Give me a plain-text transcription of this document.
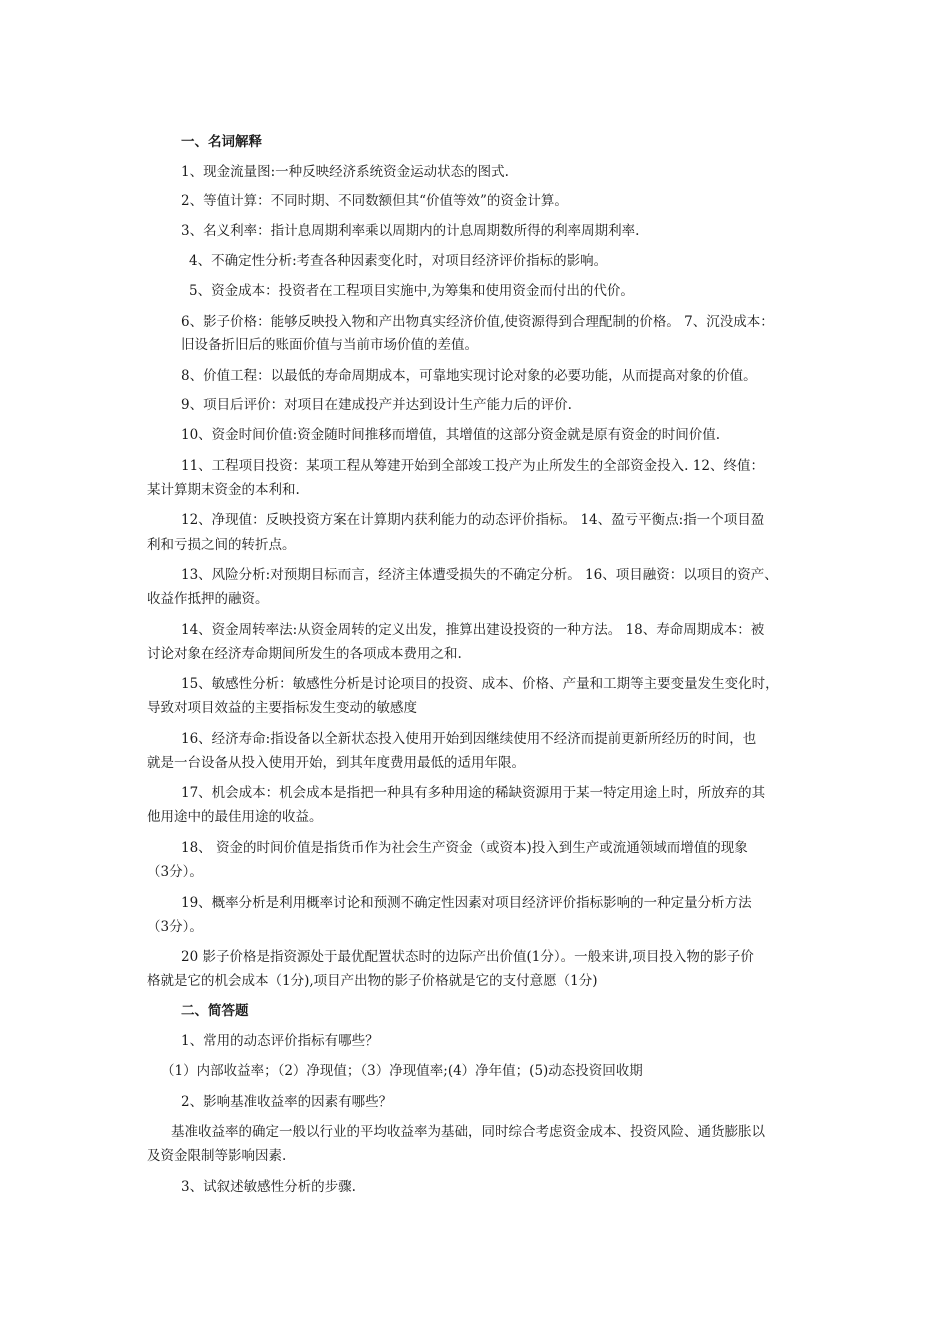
一、名词解释
1、现金流量图:一种反映经济系统资金运动状态的图式.
2、等值计算：不同时期、不同数额但其“价值等效”的资金计算。
3、名义利率：指计息周期利率乘以周期内的计息周期数所得的利率周期利率.
4、不确定性分析:考查各种因素变化时，对项目经济评价指标的影响。
5、资金成本：投资者在工程项目实施中,为筹集和使用资金而付出的代价。
6、影子价格：能够反映投入物和产出物真实经济价值,使资源得到合理配制的价格。 7、沉没成本：
旧设备折旧后的账面价值与当前市场价值的差值。
8、价值工程：以最低的寿命周期成本，可靠地实现讨论对象的必要功能，从而提高对象的价值。
9、项目后评价：对项目在建成投产并达到设计生产能力后的评价.
10、资金时间价值:资金随时间推移而增值，其增值的这部分资金就是原有资金的时间价值.
11、工程项目投资：某项工程从筹建开始到全部竣工投产为止所发生的全部资金投入. 12、终值：
某计算期末资金的本利和.
12、净现值：反映投资方案在计算期内获利能力的动态评价指标。 14、盈亏平衡点:指一个项目盈
利和亏损之间的转折点。
13、风险分析:对预期目标而言，经济主体遭受损失的不确定分析。 16、项目融资：以项目的资产、
收益作抵押的融资。
14、资金周转率法:从资金周转的定义出发，推算出建设投资的一种方法。 18、寿命周期成本：被
讨论对象在经济寿命期间所发生的各项成本费用之和.
15、敏感性分析：敏感性分析是讨论项目的投资、成本、价格、产量和工期等主要变量发生变化时，
导致对项目效益的主要指标发生变动的敏感度
16、经济寿命:指设备以全新状态投入使用开始到因继续使用不经济而提前更新所经历的时间，也
就是一台设备从投入使用开始，到其年度费用最低的适用年限。
17、机会成本：机会成本是指把一种具有多种用途的稀缺资源用于某一特定用途上时，所放弃的其
他用途中的最佳用途的收益。
18、 资金的时间价值是指货币作为社会生产资金（或资本)投入到生产或流通领域而增值的现象
（3分）。
19、概率分析是利用概率讨论和预测不确定性因素对项目经济评价指标影响的一种定量分析方法
（3分）。
20 影子价格是指资源处于最优配置状态时的边际产出价值(1分）。一般来讲,项目投入物的影子价
格就是它的机会成本（1分),项目产出物的影子价格就是它的支付意愿（1分)
二、简答题
1、常用的动态评价指标有哪些？
（1）内部收益率；（2）净现值；（3）净现值率;(4）净年值；(5)动态投资回收期
2、影响基准收益率的因素有哪些？
基准收益率的确定一般以行业的平均收益率为基础，同时综合考虑资金成本、投资风险、通货膨胀以
及资金限制等影响因素.
3、试叙述敏感性分析的步骤.
